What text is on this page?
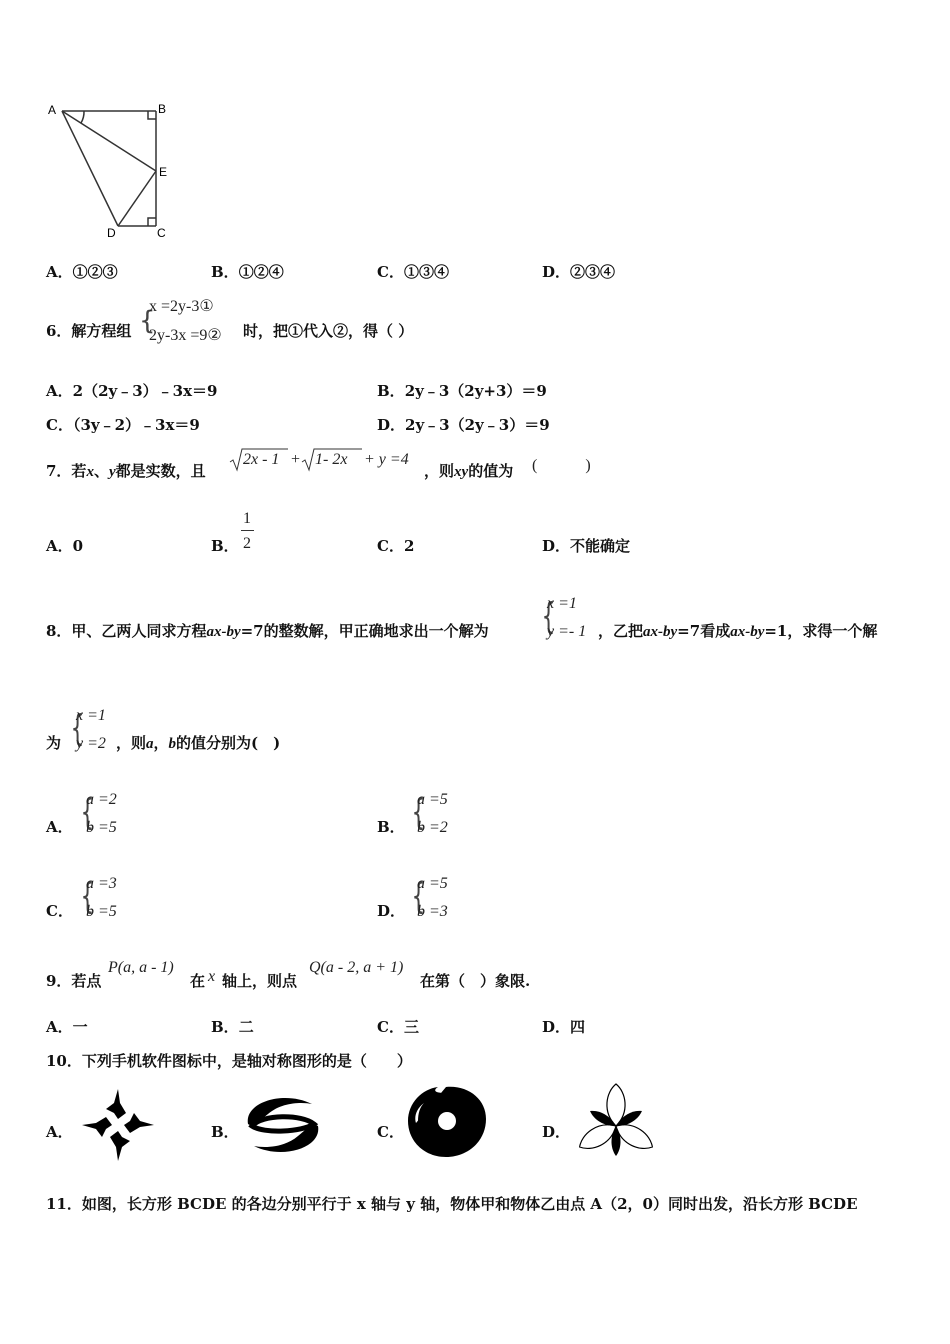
A	B
E
D	C
A．①②③	B．①②④	C．①③④	D．②③④
6．解方程组 {
x =2y-3①
2y-3x =9② 时，把①代入②，得（ ）
A．2（2y﹣3）﹣3x＝9	B．2y﹣3（2y+3）＝9
C．（3y﹣2）﹣3x＝9	D．2y﹣3（2y﹣3）＝9
7．若x、y都是实数，且
2x - 1 + 1- 2x + y =4
，则xy的值为 (　　　)
A．0	B．
1
2	C．2	D．不能确定
8．甲、乙两人同求方程ax-by=7的整数解，甲正确地求出一个解为 {
x =1
y =- 1 ，乙把ax-by=7看成ax-by=1，求得一个解
为 {
x =1
y =2 ，则a，b的值分别为(　)
A． {
a =2
b =5	B． {
a =5
b =2
C． {
a =3
b =5	D． {
a =5
b =3
9．若点
P(a, a - 1)
在 x 轴上，则点
Q(a - 2, a + 1)
在第（　）象限.
A．一	B．二	C．三	D．四
10．下列手机软件图标中，是轴对称图形的是（　　）
A．	B．	C．	D．
11．如图，长方形 BCDE 的各边分别平行于 x 轴与 y 轴，物体甲和物体乙由点 A（2，0）同时出发，沿长方形 BCDE
